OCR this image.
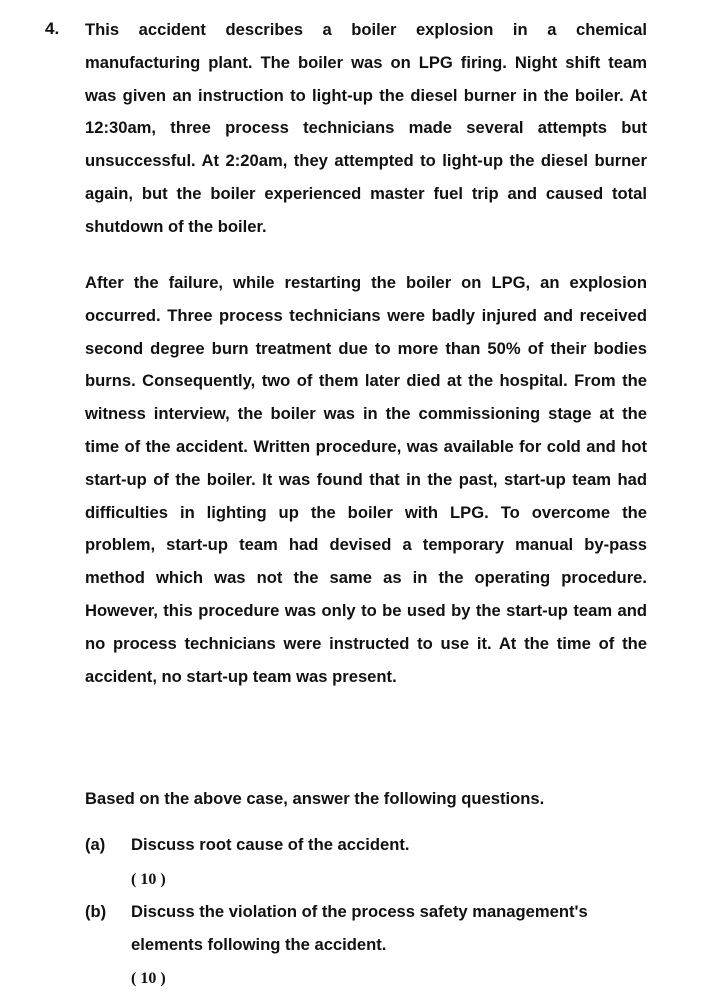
4. This accident describes a boiler explosion in a chemical manufacturing plant. The boiler was on LPG firing. Night shift team was given an instruction to light-up the diesel burner in the boiler. At 12:30am, three process technicians made several attempts but unsuccessful. At 2:20am, they attempted to light-up the diesel burner again, but the boiler experienced master fuel trip and caused total shutdown of the boiler.

After the failure, while restarting the boiler on LPG, an explosion occurred. Three process technicians were badly injured and received second degree burn treatment due to more than 50% of their bodies burns. Consequently, two of them later died at the hospital. From the witness interview, the boiler was in the commissioning stage at the time of the accident. Written procedure, was available for cold and hot start-up of the boiler. It was found that in the past, start-up team had difficulties in lighting up the boiler with LPG. To overcome the problem, start-up team had devised a temporary manual by-pass method which was not the same as in the operating procedure. However, this procedure was only to be used by the start-up team and no process technicians were instructed to use it. At the time of the accident, no start-up team was present.

Based on the above case, answer the following questions.

(a) Discuss root cause of the accident.

( 10 )
(b) Discuss the violation of the process safety management's elements following the accident.

( 10 )
